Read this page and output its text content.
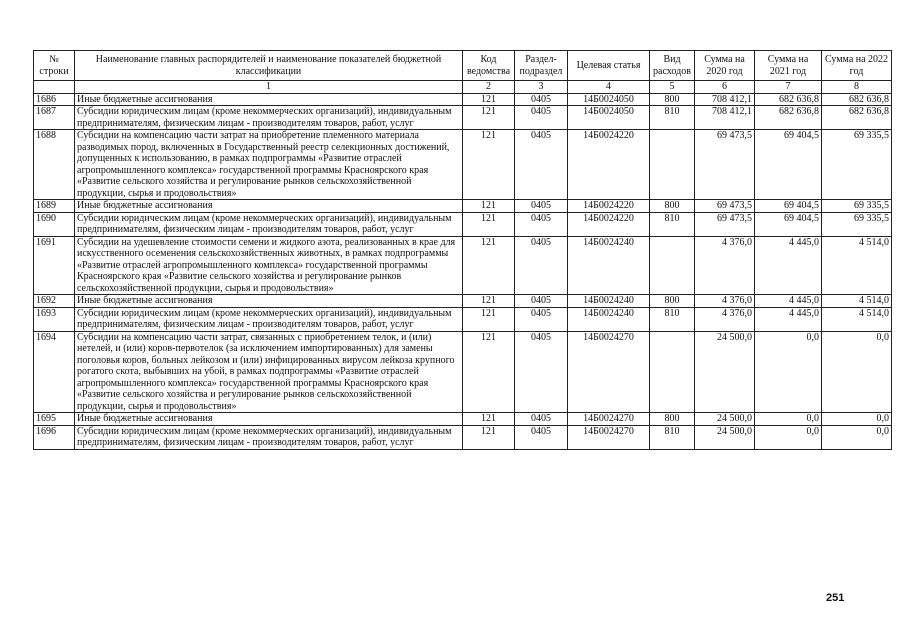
№ строки	Наименование главных распорядителей и наименование показателей бюджетной классификации	Код ведомства	Раздел-подраздел	Целевая статья	Вид расходов	Сумма на 2020 год	Сумма на 2021 год	Сумма на 2022 год
	1	2	3	4	5	6	7	8
1686	Иные бюджетные ассигнования	121	0405	14Б0024050	800	708 412,1	682 636,8	682 636,8
1687	Субсидии юридическим лицам (кроме некоммерческих организаций), индивидуальным предпринимателям, физическим лицам - производителям товаров, работ, услуг	121	0405	14Б0024050	810	708 412,1	682 636,8	682 636,8
1688	Субсидии на компенсацию части затрат на приобретение племенного материала разводимых пород, включенных в Государственный реестр селекционных достижений, допущенных к использованию, в рамках подпрограммы «Развитие отраслей агропромышленного комплекса» государственной программы Красноярского края «Развитие сельского хозяйства и регулирование рынков сельскохозяйственной продукции, сырья и продовольствия»	121	0405	14Б0024220		69 473,5	69 404,5	69 335,5
1689	Иные бюджетные ассигнования	121	0405	14Б0024220	800	69 473,5	69 404,5	69 335,5
1690	Субсидии юридическим лицам (кроме некоммерческих организаций), индивидуальным предпринимателям, физическим лицам - производителям товаров, работ, услуг	121	0405	14Б0024220	810	69 473,5	69 404,5	69 335,5
1691	Субсидии на удешевление стоимости семени и жидкого азота, реализованных в крае для искусственного осеменения сельскохозяйственных животных, в рамках подпрограммы «Развитие отраслей агропромышленного комплекса» государственной программы Красноярского края «Развитие сельского хозяйства и регулирование рынков сельскохозяйственной продукции, сырья и продовольствия»	121	0405	14Б0024240		4 376,0	4 445,0	4 514,0
1692	Иные бюджетные ассигнования	121	0405	14Б0024240	800	4 376,0	4 445,0	4 514,0
1693	Субсидии юридическим лицам (кроме некоммерческих организаций), индивидуальным предпринимателям, физическим лицам - производителям товаров, работ, услуг	121	0405	14Б0024240	810	4 376,0	4 445,0	4 514,0
1694	Субсидии на компенсацию части затрат, связанных с приобретением телок, и (или) нетелей, и (или) коров-первотелок (за исключением импортированных) для замены поголовья коров, больных лейкозом и (или) инфицированных вирусом лейкоза крупного рогатого скота, выбывших на убой, в рамках подпрограммы «Развитие отраслей агропромышленного комплекса» государственной программы Красноярского края «Развитие сельского хозяйства и регулирование рынков сельскохозяйственной продукции, сырья и продовольствия»	121	0405	14Б0024270		24 500,0	0,0	0,0
1695	Иные бюджетные ассигнования	121	0405	14Б0024270	800	24 500,0	0,0	0,0
1696	Субсидии юридическим лицам (кроме некоммерческих организаций), индивидуальным предпринимателям, физическим лицам - производителям товаров, работ, услуг	121	0405	14Б0024270	810	24 500,0	0,0	0,0
251
